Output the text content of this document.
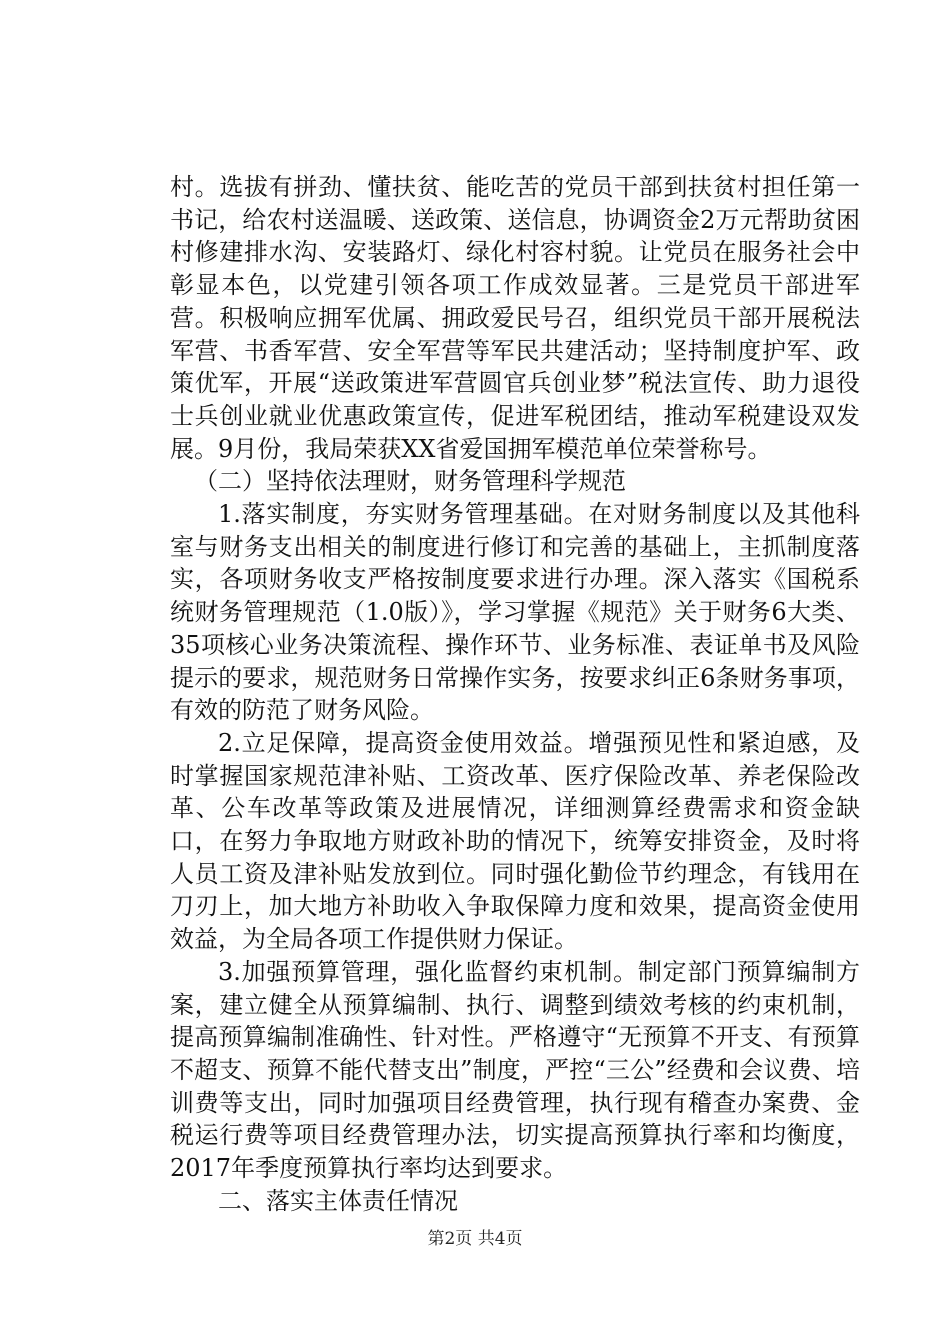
村。选拔有拼劲、懂扶贫、能吃苦的党员干部到扶贫村担任第一书记，给农村送温暖、送政策、送信息，协调资金2万元帮助贫困村修建排水沟、安装路灯、绿化村容村貌。让党员在服务社会中彰显本色，以党建引领各项工作成效显著。三是党员干部进军营。积极响应拥军优属、拥政爱民号召，组织党员干部开展税法军营、书香军营、安全军营等军民共建活动；坚持制度护军、政策优军，开展“送政策进军营圆官兵创业梦”税法宣传、助力退役士兵创业就业优惠政策宣传，促进军税团结，推动军税建设双发展。9月份，我局荣获XX省爱国拥军模范单位荣誉称号。

（二）坚持依法理财，财务管理科学规范

1.落实制度，夯实财务管理基础。在对财务制度以及其他科室与财务支出相关的制度进行修订和完善的基础上，主抓制度落实，各项财务收支严格按制度要求进行办理。深入落实《国税系统财务管理规范（1.0版）》，学习掌握《规范》关于财务6大类、35项核心业务决策流程、操作环节、业务标准、表证单书及风险提示的要求，规范财务日常操作实务，按要求纠正6条财务事项，有效的防范了财务风险。

2.立足保障，提高资金使用效益。增强预见性和紧迫感，及时掌握国家规范津补贴、工资改革、医疗保险改革、养老保险改革、公车改革等政策及进展情况，详细测算经费需求和资金缺口，在努力争取地方财政补助的情况下，统筹安排资金，及时将人员工资及津补贴发放到位。同时强化勤俭节约理念，有钱用在刀刃上，加大地方补助收入争取保障力度和效果，提高资金使用效益，为全局各项工作提供财力保证。

3.加强预算管理，强化监督约束机制。制定部门预算编制方案，建立健全从预算编制、执行、调整到绩效考核的约束机制，提高预算编制准确性、针对性。严格遵守“无预算不开支、有预算不超支、预算不能代替支出”制度，严控“三公”经费和会议费、培训费等支出，同时加强项目经费管理，执行现有稽查办案费、金税运行费等项目经费管理办法，切实提高预算执行率和均衡度，2017年季度预算执行率均达到要求。

二、落实主体责任情况

第2页 共4页
